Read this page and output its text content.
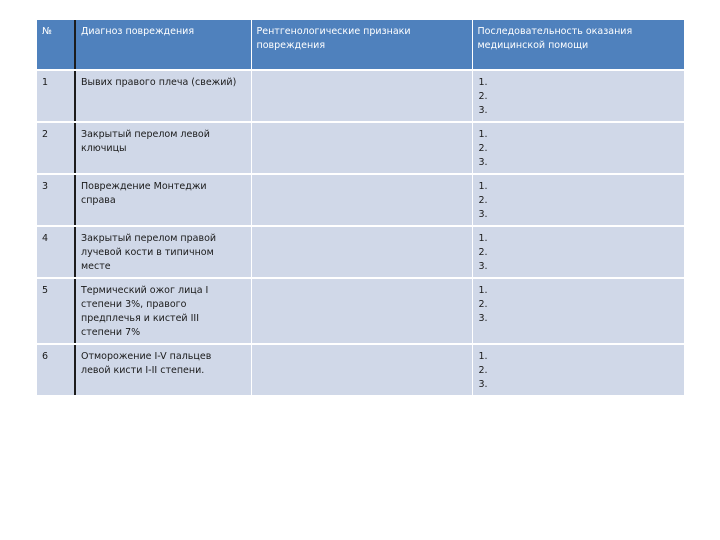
№	Диагноз повреждения	Рентгенологические признаки повреждения	Последовательность оказания медицинской помощи
1	Вывих правого плеча (свежий)		1.
2.
3.

2	Закрытый перелом левой ключицы		1.
2.
3.

3	Повреждение Монтеджи справа		1.
2.
3.

4	Закрытый перелом правой лучевой кости в типичном месте		1.
2.
3.

5	Термический ожог лица I степени 3%, правого предплечья и кистей III степени 7%		1.
2.
3.

6	Отморожение I-V пальцев левой кисти I-II степени.		1.
2.
3.
